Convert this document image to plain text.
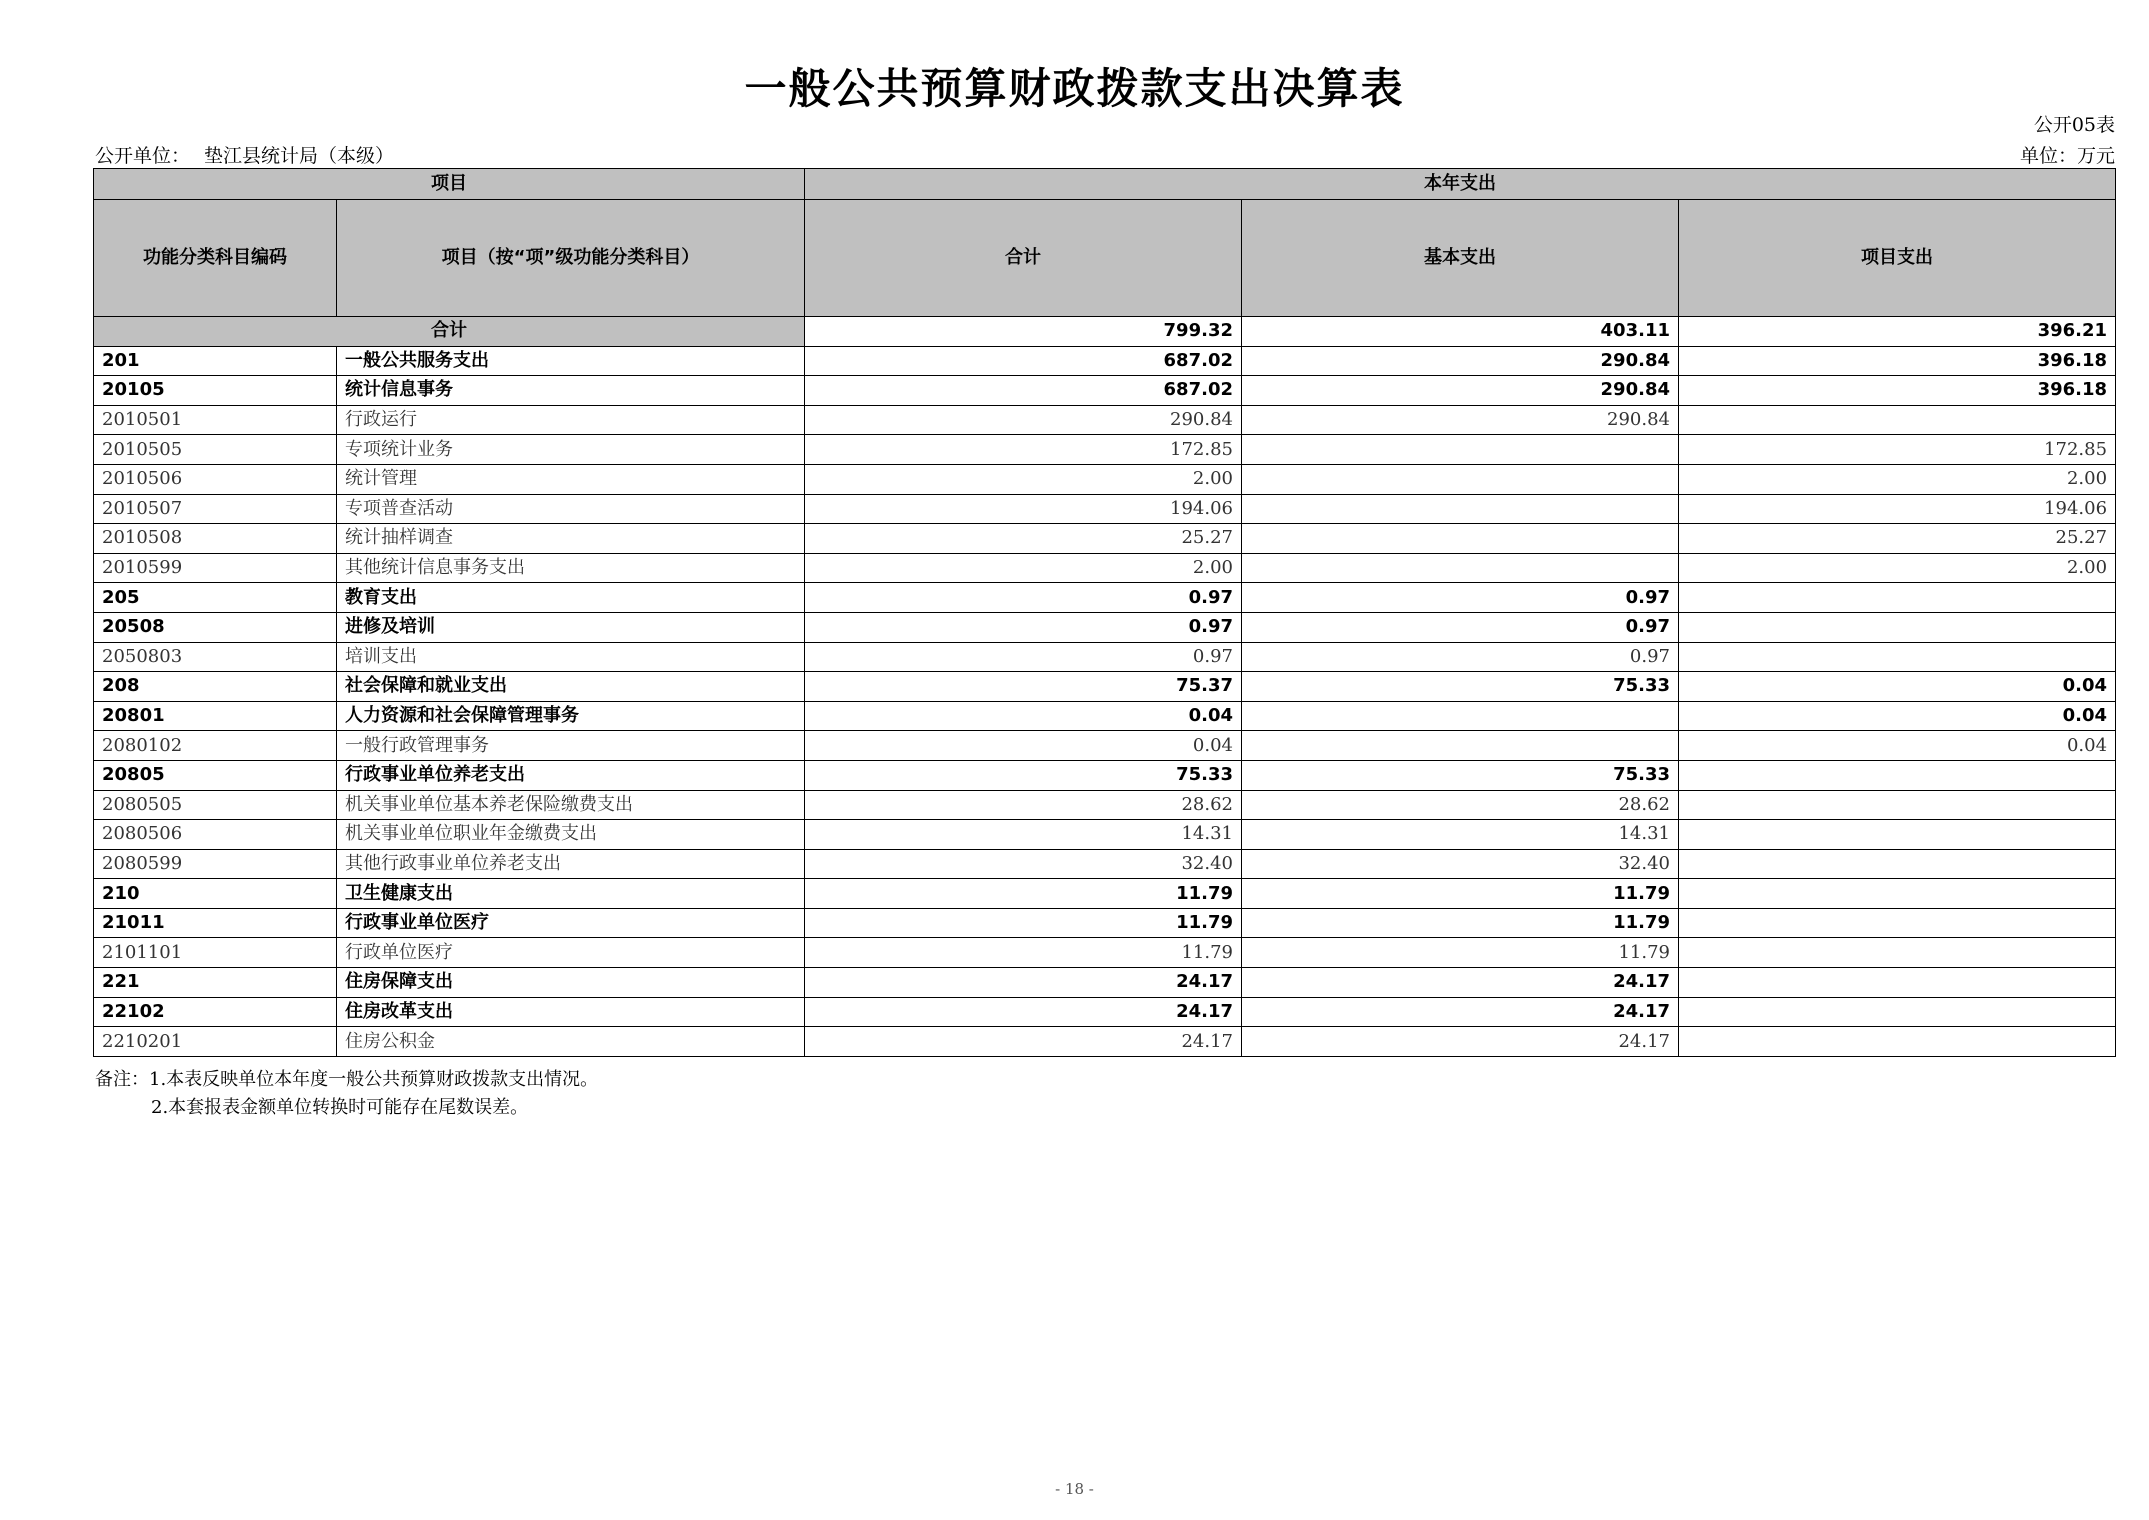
一般公共预算财政拨款支出决算表
公开05表
公开单位： 垫江县统计局（本级）	单位：万元
项目		本年支出		
功能分类科目编码	项目（按“项”级功能分类科目）	合计	基本支出	项目支出
合计		799.32	403.11	396.21
201	一般公共服务支出	687.02	290.84	396.18
20105	统计信息事务	687.02	290.84	396.18
2010501	行政运行	290.84	290.84	
2010505	专项统计业务	172.85		172.85
2010506	统计管理	2.00		2.00
2010507	专项普查活动	194.06		194.06
2010508	统计抽样调查	25.27		25.27
2010599	其他统计信息事务支出	2.00		2.00
205	教育支出	0.97	0.97	
20508	进修及培训	0.97	0.97	
2050803	培训支出	0.97	0.97	
208	社会保障和就业支出	75.37	75.33	0.04
20801	人力资源和社会保障管理事务	0.04		0.04
2080102	一般行政管理事务	0.04		0.04
20805	行政事业单位养老支出	75.33	75.33	
2080505	机关事业单位基本养老保险缴费支出	28.62	28.62	
2080506	机关事业单位职业年金缴费支出	14.31	14.31	
2080599	其他行政事业单位养老支出	32.40	32.40	
210	卫生健康支出	11.79	11.79	
21011	行政事业单位医疗	11.79	11.79	
2101101	行政单位医疗	11.79	11.79	
221	住房保障支出	24.17	24.17	
22102	住房改革支出	24.17	24.17	
2210201	住房公积金	24.17	24.17	
备注：1.本表反映单位本年度一般公共预算财政拨款支出情况。
2.本套报表金额单位转换时可能存在尾数误差。
- 18 -
